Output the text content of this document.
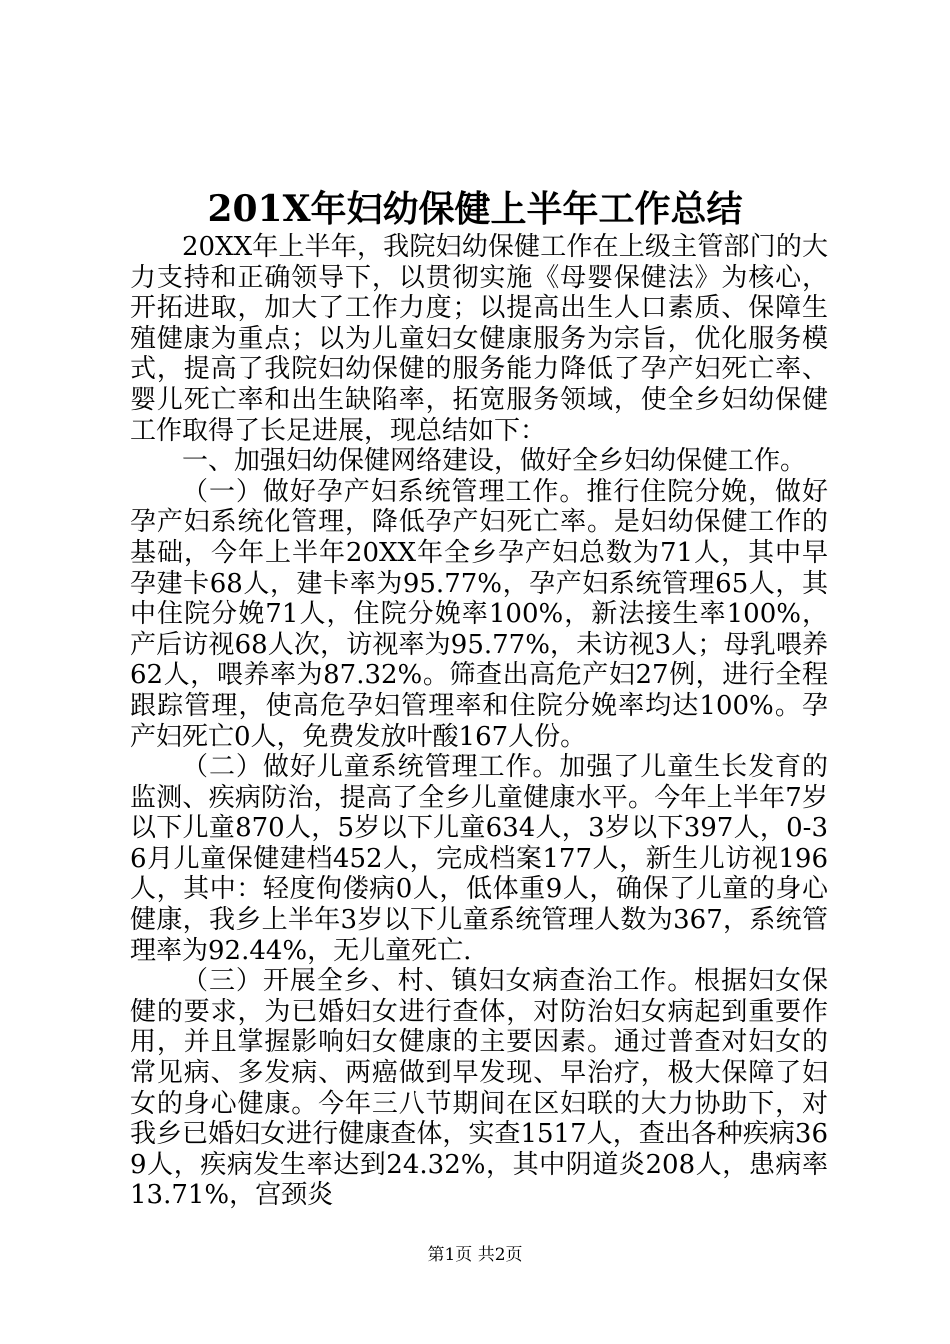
201X年妇幼保健上半年工作总结

20XX年上半年，我院妇幼保健工作在上级主管部门的大力支持和正确领导下，以贯彻实施《母婴保健法》为核心，开拓进取，加大了工作力度；以提高出生人口素质、保障生殖健康为重点；以为儿童妇女健康服务为宗旨，优化服务模式，提高了我院妇幼保健的服务能力降低了孕产妇死亡率、婴儿死亡率和出生缺陷率，拓宽服务领域，使全乡妇幼保健工作取得了长足进展，现总结如下：

一、加强妇幼保健网络建设，做好全乡妇幼保健工作。

（一）做好孕产妇系统管理工作。推行住院分娩，做好孕产妇系统化管理，降低孕产妇死亡率。是妇幼保健工作的基础，今年上半年20XX年全乡孕产妇总数为71人，其中早孕建卡68人，建卡率为95.77%，孕产妇系统管理65人，其中住院分娩71人，住院分娩率100%，新法接生率100%，产后访视68人次，访视率为95.77%，未访视3人；母乳喂养62人，喂养率为87.32%。筛查出高危产妇27例，进行全程跟踪管理，使高危孕妇管理率和住院分娩率均达100%。孕产妇死亡0人，免费发放叶酸167人份。

（二）做好儿童系统管理工作。加强了儿童生长发育的监测、疾病防治，提高了全乡儿童健康水平。今年上半年7岁以下儿童870人，5岁以下儿童634人，3岁以下397人，0-36月儿童保健建档452人，完成档案177人，新生儿访视196人，其中：轻度佝偻病0人，低体重9人，确保了儿童的身心健康，我乡上半年3岁以下儿童系统管理人数为367，系统管理率为92.44%，无儿童死亡.

（三）开展全乡、村、镇妇女病查治工作。根据妇女保健的要求，为已婚妇女进行查体，对防治妇女病起到重要作用，并且掌握影响妇女健康的主要因素。通过普查对妇女的常见病、多发病、两癌做到早发现、早治疗，极大保障了妇女的身心健康。今年三八节期间在区妇联的大力协助下，对我乡已婚妇女进行健康查体，实查1517人，查出各种疾病369人，疾病发生率达到24.32%，其中阴道炎208人，患病率13.71%，宫颈炎

第1页 共2页
